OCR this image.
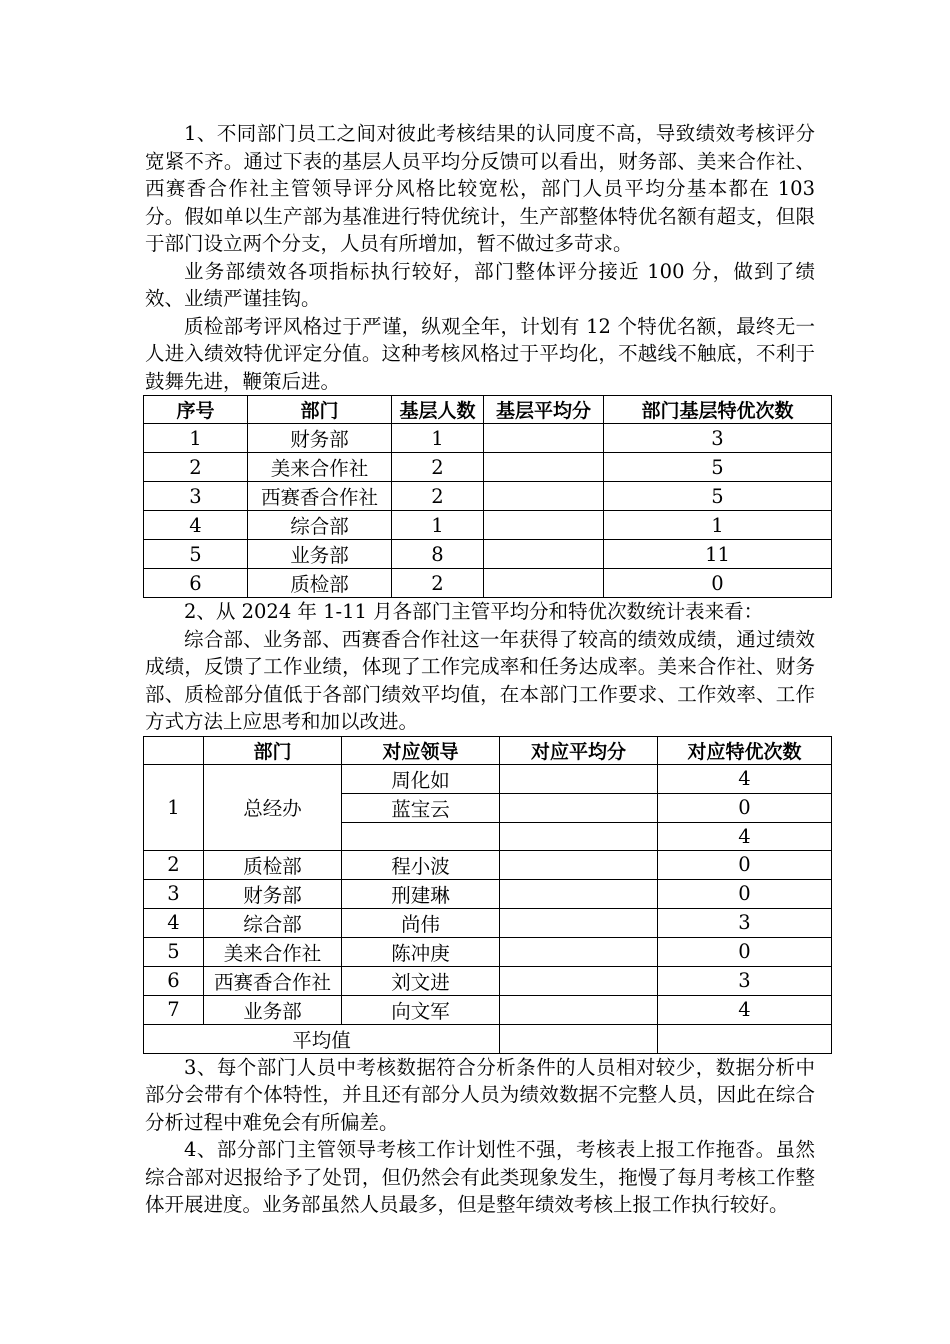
1、不同部门员工之间对彼此考核结果的认同度不高，导致绩效考核评分宽紧不齐。通过下表的基层人员平均分反馈可以看出，财务部、美来合作社、西赛香合作社主管领导评分风格比较宽松，部门人员平均分基本都在 103 分。假如单以生产部为基准进行特优统计，生产部整体特优名额有超支，但限于部门设立两个分支，人员有所增加，暂不做过多苛求。

业务部绩效各项指标执行较好，部门整体评分接近 100 分，做到了绩效、业绩严谨挂钩。

质检部考评风格过于严谨，纵观全年，计划有 12 个特优名额，最终无一人进入绩效特优评定分值。这种考核风格过于平均化，不越线不触底，不利于鼓舞先进，鞭策后进。

序号	部门	基层人数	基层平均分	部门基层特优次数
1	财务部	1		3
2	美来合作社	2		5
3	西赛香合作社	2		5
4	综合部	1		1
5	业务部	8		11
6	质检部	2		0

2、从 2024 年 1-11 月各部门主管平均分和特优次数统计表来看：

综合部、业务部、西赛香合作社这一年获得了较高的绩效成绩，通过绩效成绩，反馈了工作业绩，体现了工作完成率和任务达成率。美来合作社、财务部、质检部分值低于各部门绩效平均值，在本部门工作要求、工作效率、工作方式方法上应思考和加以改进。

	部门	对应领导	对应平均分	对应特优次数
1	总经办	周化如		4
		蓝宝云		0
				4
2	质检部	程小波		0
3	财务部	刑建琳		0
4	综合部	尚伟		3
5	美来合作社	陈冲庚		0
6	西赛香合作社	刘文进		3
7	业务部	向文军		4
平均值				

3、每个部门人员中考核数据符合分析条件的人员相对较少，数据分析中部分会带有个体特性，并且还有部分人员为绩效数据不完整人员，因此在综合分析过程中难免会有所偏差。

4、部分部门主管领导考核工作计划性不强，考核表上报工作拖沓。虽然综合部对迟报给予了处罚，但仍然会有此类现象发生，拖慢了每月考核工作整体开展进度。业务部虽然人员最多，但是整年绩效考核上报工作执行较好。
